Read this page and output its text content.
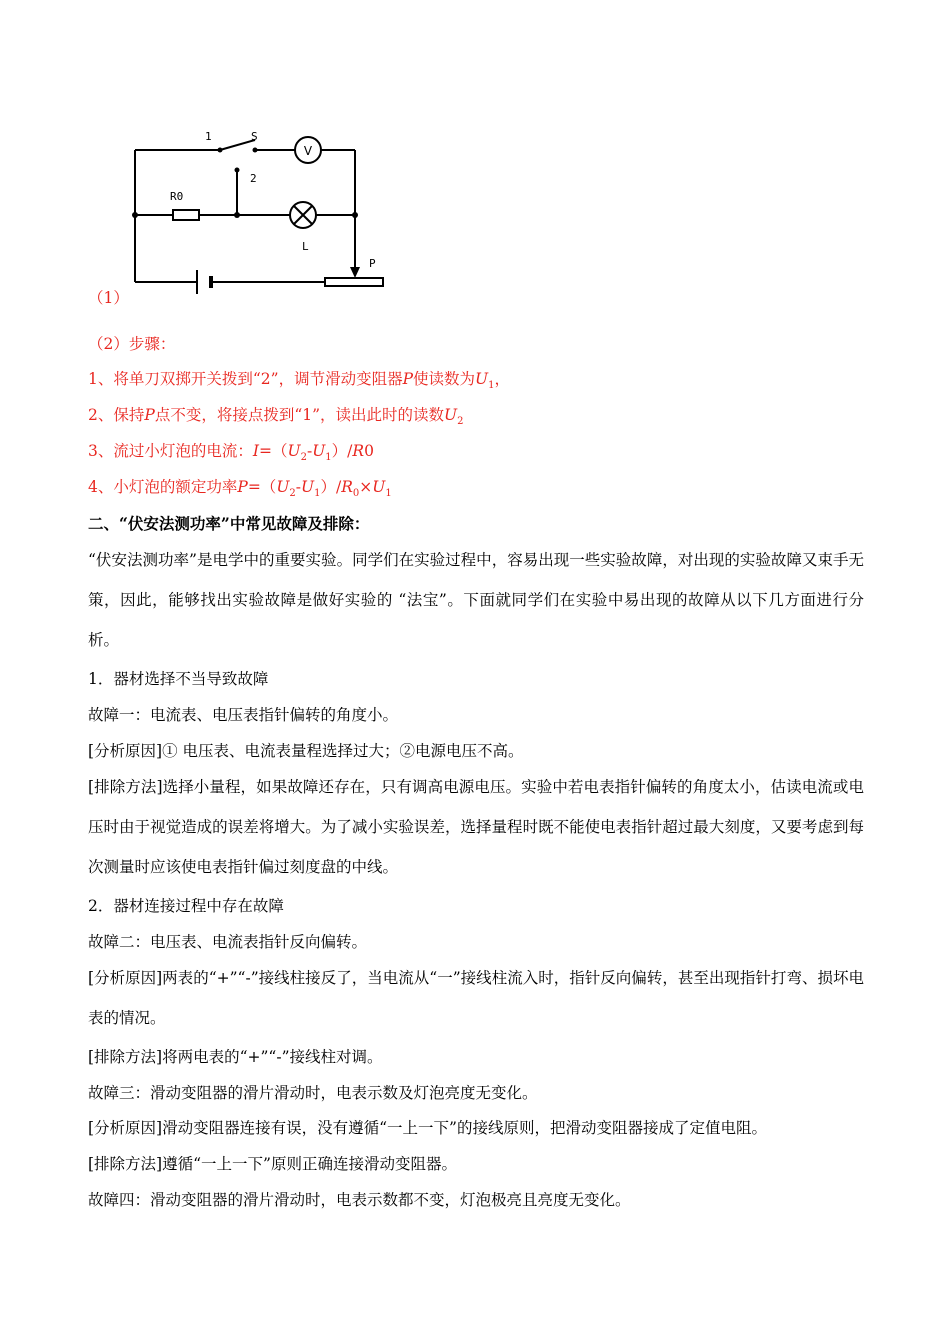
V
1	S
2
R0
L
P
（1）
（2）步骤：
1、将单刀双掷开关拨到“2”，调节滑动变阻器P使读数为$U_1$，
2、保持P点不变，将接点拨到“1”，读出此时的读数$U_2$
3、流过小灯泡的电流：$I=(U_2-U_1)/R0$
4、小灯泡的额定功率$P=(U_2-U_1)/R_0\times U_1$
二、“伏安法测功率”中常见故障及排除：
“伏安法测功率”是电学中的重要实验。同学们在实验过程中，容易出现一些实验故障，对出现的实验故障又束手无策，因此，能够找出实验故障是做好实验的 “法宝”。下面就同学们在实验中易出现的故障从以下几方面进行分析。
1．器材选择不当导致故障
故障一：电流表、电压表指针偏转的角度小。
[分析原因]① 电压表、电流表量程选择过大；②电源电压不高。
[排除方法]选择小量程，如果故障还存在，只有调高电源电压。实验中若电表指针偏转的角度太小，估读电流或电压时由于视觉造成的误差将增大。为了减小实验误差，选择量程时既不能使电表指针超过最大刻度，又要考虑到每次测量时应该使电表指针偏过刻度盘的中线。
2．器材连接过程中存在故障
故障二：电压表、电流表指针反向偏转。
[分析原因]两表的“+”“-”接线柱接反了，当电流从“一”接线柱流入时，指针反向偏转，甚至出现指针打弯、损坏电表的情况。
[排除方法]将两电表的“+”“-”接线柱对调。
故障三：滑动变阻器的滑片滑动时，电表示数及灯泡亮度无变化。
[分析原因]滑动变阻器连接有误，没有遵循“一上一下”的接线原则，把滑动变阻器接成了定值电阻。
[排除方法]遵循“一上一下”原则正确连接滑动变阻器。
故障四：滑动变阻器的滑片滑动时，电表示数都不变，灯泡极亮且亮度无变化。
